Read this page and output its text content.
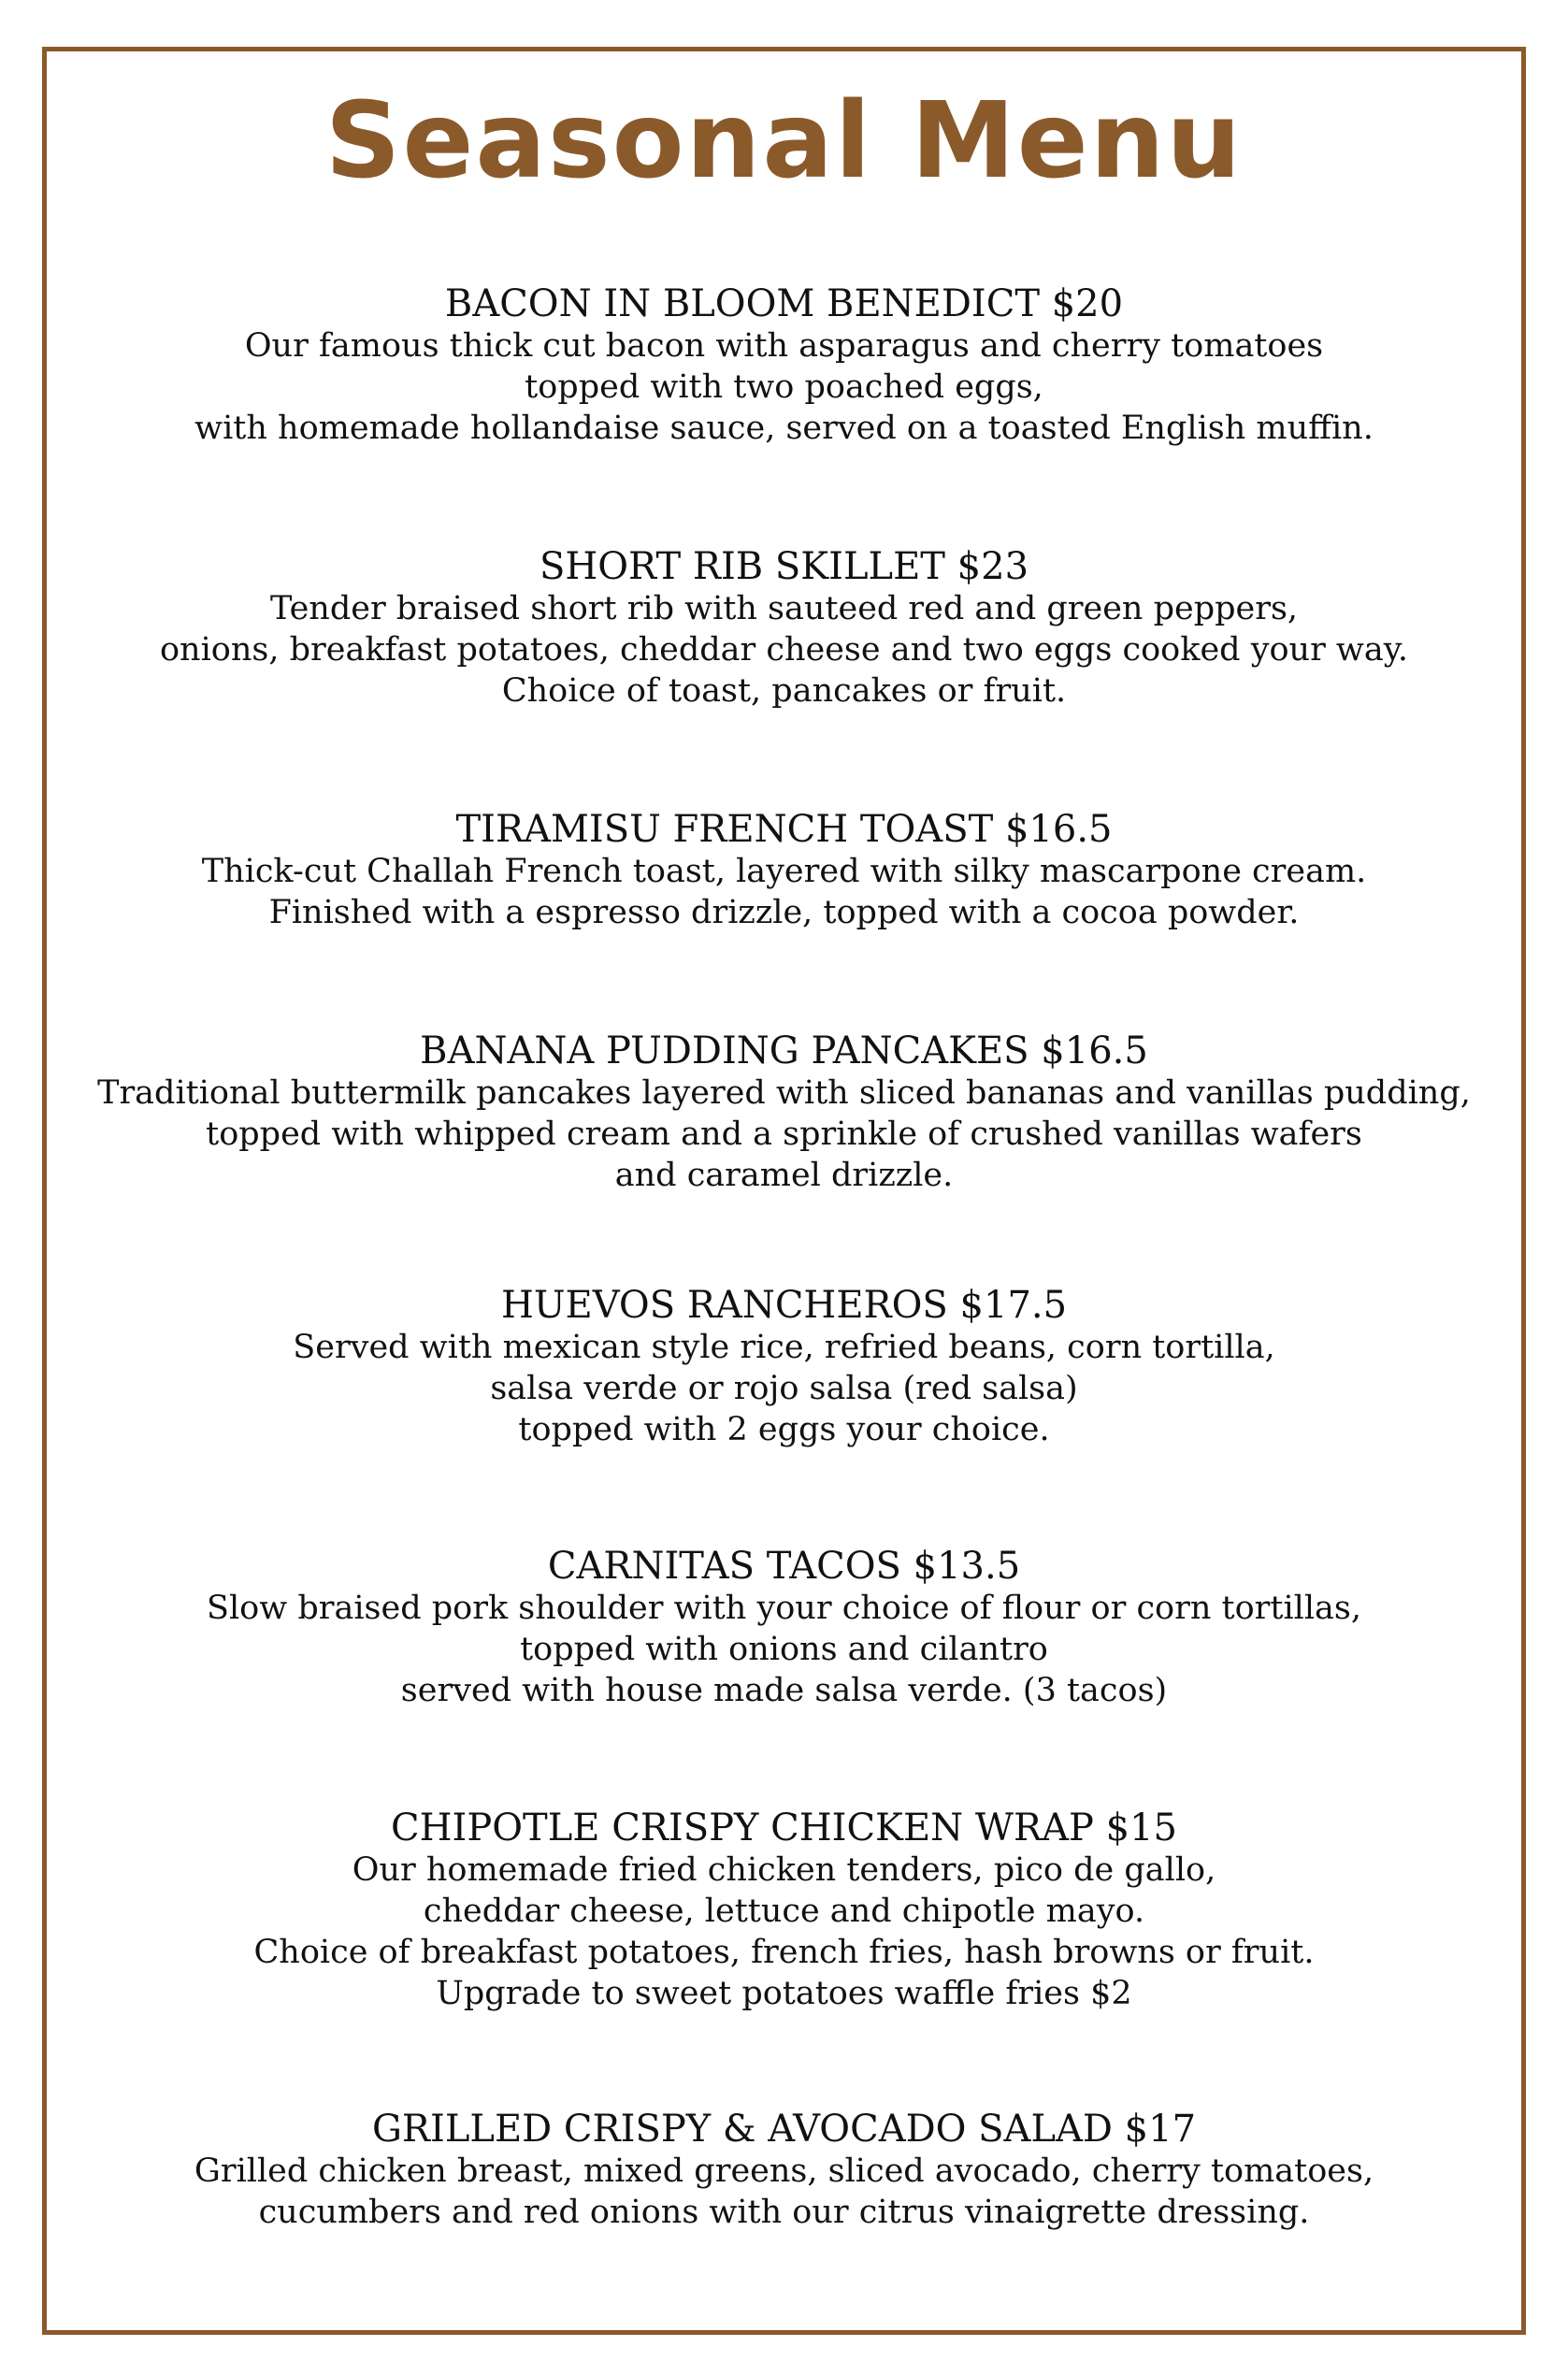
Seasonal Menu
BACON IN BLOOM BENEDICT $20

Our famous thick cut bacon with asparagus and cherry tomatoes
topped with two poached eggs,
with homemade hollandaise sauce, served on a toasted English muffin.

SHORT RIB SKILLET $23

Tender braised short rib with sauteed red and green peppers,
onions, breakfast potatoes, cheddar cheese and two eggs cooked your way.
Choice of toast, pancakes or fruit.

TIRAMISU FRENCH TOAST $16.5

Thick-cut Challah French toast, layered with silky mascarpone cream.
Finished with a espresso drizzle, topped with a cocoa powder.

BANANA PUDDING PANCAKES $16.5

Traditional buttermilk pancakes layered with sliced bananas and vanillas pudding,
topped with whipped cream and a sprinkle of crushed vanillas wafers
and caramel drizzle.

HUEVOS RANCHEROS $17.5

Served with mexican style rice, refried beans, corn tortilla,
salsa verde or rojo salsa (red salsa)
topped with 2 eggs your choice.

CARNITAS TACOS $13.5

Slow braised pork shoulder with your choice of flour or corn tortillas,
topped with onions and cilantro
served with house made salsa verde. (3 tacos)

CHIPOTLE CRISPY CHICKEN WRAP $15

Our homemade fried chicken tenders, pico de gallo,
cheddar cheese, lettuce and chipotle mayo.
Choice of breakfast potatoes, french fries, hash browns or fruit.
Upgrade to sweet potatoes waffle fries $2

GRILLED CRISPY & AVOCADO SALAD $17

Grilled chicken breast, mixed greens, sliced avocado, cherry tomatoes,
cucumbers and red onions with our citrus vinaigrette dressing.
